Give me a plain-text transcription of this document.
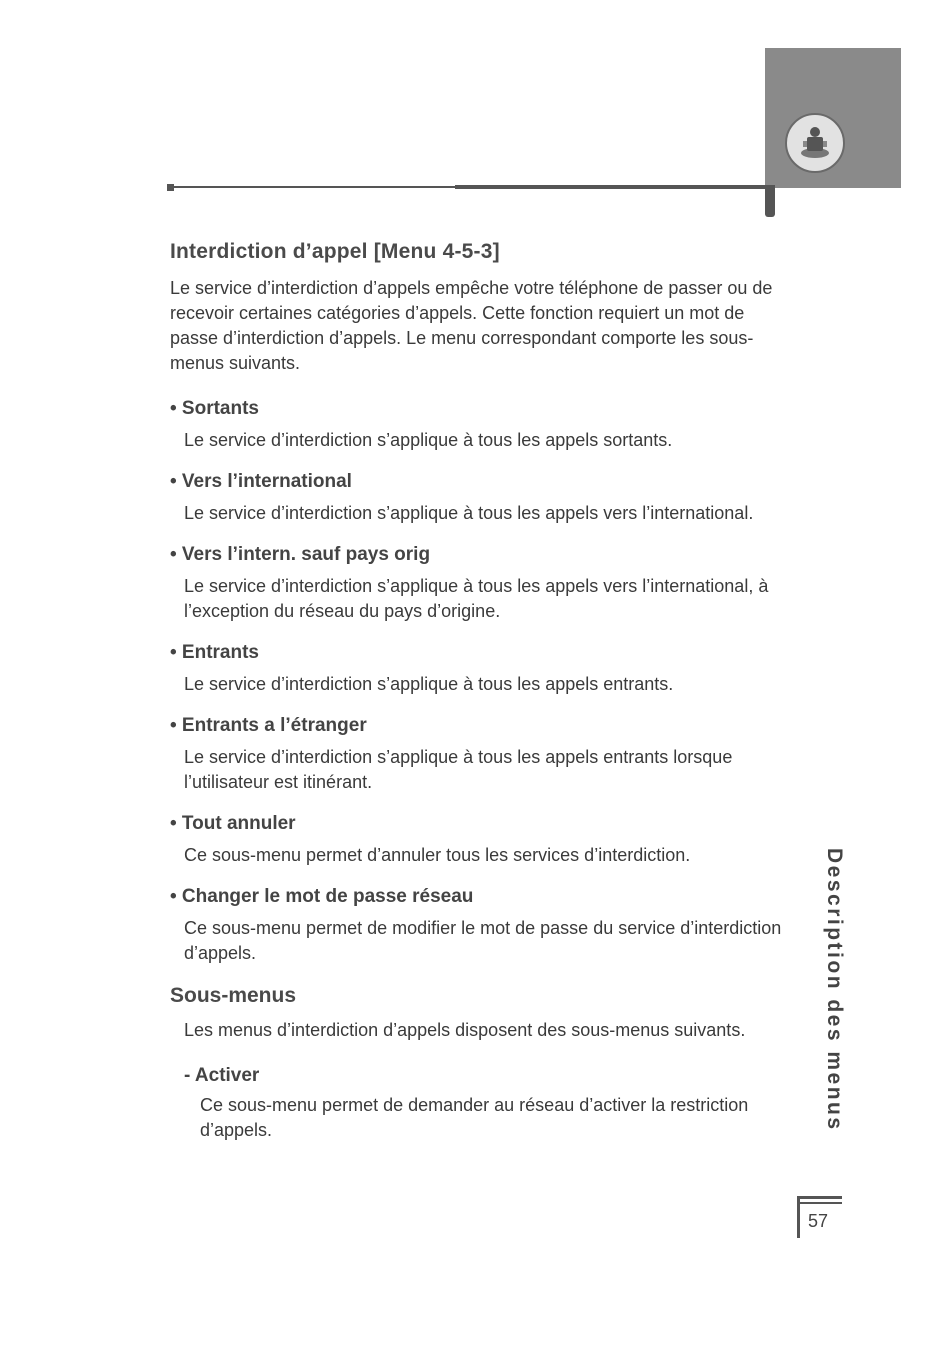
Interdiction d’appel [Menu 4-5-3]

Le service d’interdiction d’appels empêche votre téléphone de passer ou de recevoir certaines catégories d’appels. Cette fonction requiert un mot de passe d’interdiction d’appels. Le menu correspondant comporte les sous-menus suivants.

• Sortants

Le service d’interdiction s’applique à tous les appels sortants.

• Vers l’international

Le service d’interdiction s’applique à tous les appels vers l’international.

• Vers l’intern. sauf pays orig

Le service d’interdiction s’applique à tous les appels vers l’international, à l’exception du réseau du pays d’origine.

• Entrants

Le service d’interdiction s’applique à tous les appels entrants.

• Entrants a l’étranger

Le service d’interdiction s’applique à tous les appels entrants lorsque l’utilisateur est itinérant.

• Tout annuler

Ce sous-menu permet d’annuler tous les services d’interdiction.

• Changer le mot de passe réseau

Ce sous-menu permet de modifier le mot de passe du service d’interdiction d’appels.

Sous-menus

Les menus d’interdiction d’appels disposent des sous-menus suivants.

- Activer

Ce sous-menu permet de demander au réseau d’activer la restriction d’appels.	Description des menus
57
